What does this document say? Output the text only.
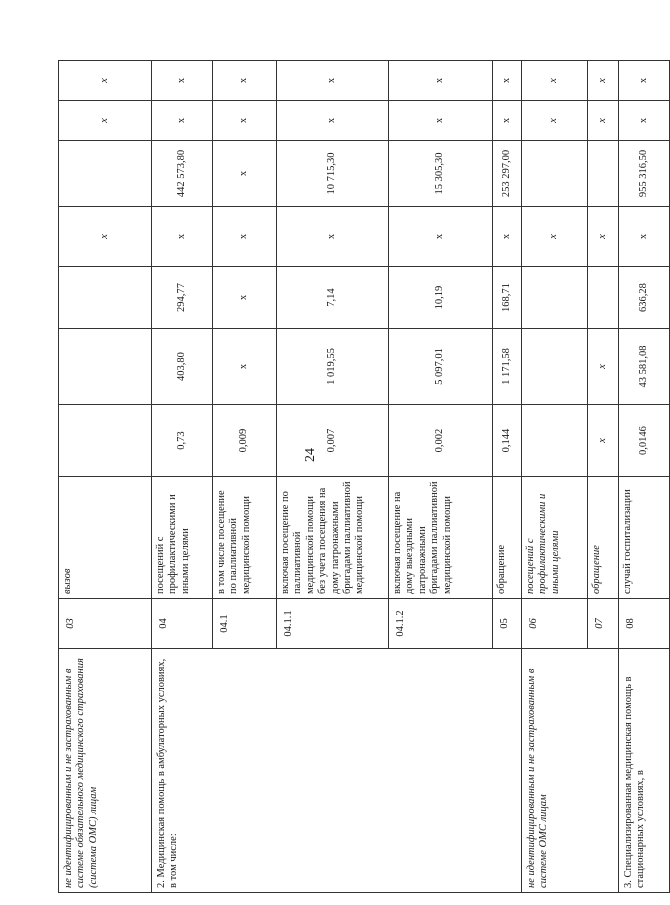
24
не идентифицированным и не застрахованным в системе обязательного медицинского страхования (система ОМС) лицам	03	вызов				x		x	x
2. Медицинская помощь в амбулаторных условиях, в том числе:	04	посещений с профилактическими и иными целями	0,73	403,80	294,77	x	442 573,80	x	x
	04.1	в том числе посещение по паллиативной медицинской помощи	0,009	x	x	x	x	x	x
	04.1.1	включая посещение по паллиативной медицинской помощи без учета посещения на дому патронажными бригадами паллиативной медицинской помощи	0,007	1 019,55	7,14	x	10 715,30	x	x
	04.1.2	включая посещение на дому выездными патронажными бригадами паллиативной медицинской помощи	0,002	5 097,01	10,19	x	15 305,30	x	x
	05	обращение	0,144	1 171,58	168,71	x	253 297,00	x	x
не идентифицированным и не застрахованным в системе ОМС лицам	06	посещений с профилактическими и иными целями				x		x	x
	07	обращение	x	x		x		x	x
3. Специализированная медицинская помощь в стационарных условиях, в	08	случай госпитализации	0,0146	43 581,08	636,28	x	955 316,50	x	x
